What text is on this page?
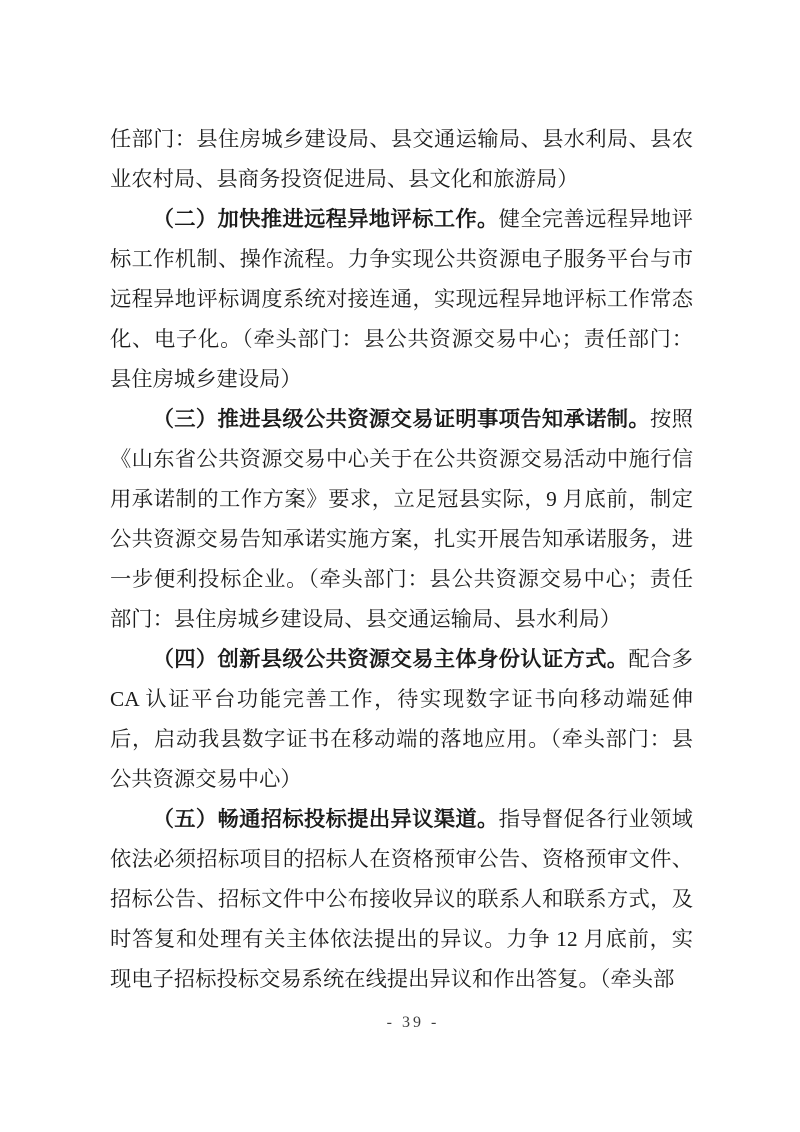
任部门：县住房城乡建设局、县交通运输局、县水利局、县农业农村局、县商务投资促进局、县文化和旅游局）

（二）加快推进远程异地评标工作。健全完善远程异地评标工作机制、操作流程。力争实现公共资源电子服务平台与市远程异地评标调度系统对接连通，实现远程异地评标工作常态化、电子化。（牵头部门：县公共资源交易中心；责任部门：县住房城乡建设局）

（三）推进县级公共资源交易证明事项告知承诺制。按照《山东省公共资源交易中心关于在公共资源交易活动中施行信用承诺制的工作方案》要求，立足冠县实际，9 月底前，制定公共资源交易告知承诺实施方案，扎实开展告知承诺服务，进一步便利投标企业。（牵头部门：县公共资源交易中心；责任部门：县住房城乡建设局、县交通运输局、县水利局）

（四）创新县级公共资源交易主体身份认证方式。配合多 CA 认证平台功能完善工作，待实现数字证书向移动端延伸后，启动我县数字证书在移动端的落地应用。（牵头部门：县公共资源交易中心）

（五）畅通招标投标提出异议渠道。指导督促各行业领域依法必须招标项目的招标人在资格预审公告、资格预审文件、招标公告、招标文件中公布接收异议的联系人和联系方式，及时答复和处理有关主体依法提出的异议。力争 12 月底前，实现电子招标投标交易系统在线提出异议和作出答复。（牵头部

- 39 -
